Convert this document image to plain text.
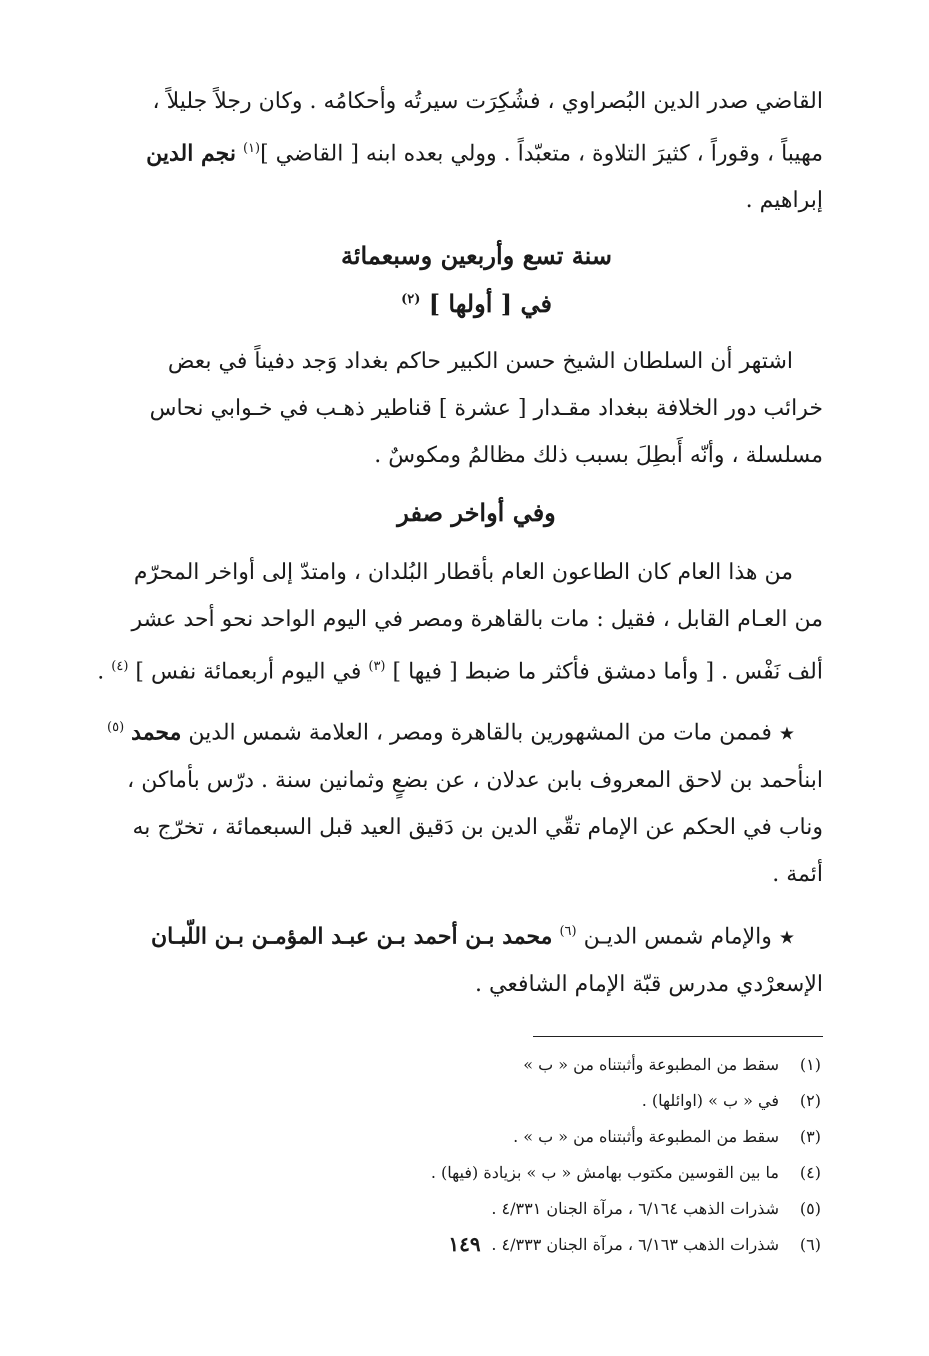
القاضي صدر الدين البُصراوي ، فشُكِرَت سيرتُه وأحكامُه . وكان رجلاً جليلاً ،
مهيباً ، وقوراً ، كثيرَ التلاوة ، متعبّداً . وولي بعده ابنه [ القاضي ]$^{(١)}$ نجم الدين
إبراهيم .

سنة تسع وأربعين وسبعمائة

في [ أولها ] $^{(٢)}$

اشتهر أن السلطان الشيخ حسن الكبير حاكم بغداد وَجد دفيناً في بعض
خرائب دور الخلافة ببغداد مقـدار [ عشرة ] قناطير ذهـب في خـوابي نحاس
مسلسلة ، وأنّه أَبطِلَ بسبب ذلك مظالمُ ومكوسٌ .

وفي أواخر صفر

من هذا العام كان الطاعون العام بأقطار البُلدان ، وامتدّ إلى أواخر المحرّم
من العـام القابل ، فقيل : مات بالقاهرة ومصر في اليوم الواحد نحو أحد عشر
ألف نَفْس . [ وأما دمشق فأكثر ما ضبط [ فيها ] $^{(٣)}$ في اليوم أربعمائة نفس ] $^{(٤)}$ .

★ فممن مات من المشهورين بالقاهرة ومصر ، العلامة شمس الدين محمد $^{(٥)}$
ابنأحمد بن لاحق المعروف بابن عدلان ، عن بضعٍ وثمانين سنة . درّس بأماكن ،
وناب في الحكم عن الإمام تقّي الدين بن دَقيق العيد قبل السبعمائة ، تخرّج به
أئمة .

★ والإمام شمس الديـن $^{(٦)}$ محمد بـن أحمد بـن عبـد المؤمـن بـن اللّبـان
الإسعرْدي مدرس قبّة الإمام الشافعي .

(١)سقط من المطبوعة وأثبتناه من « ب »

(٢)في « ب » (اوائلها) .

(٣)سقط من المطبوعة وأثبتناه من « ب » .

(٤)ما بين القوسين مكتوب بهامش « ب » بزيادة (فيها) .

(٥)شذرات الذهب ٦/١٦٤ ، مرآة الجنان ٤/٣٣١ .

(٦)شذرات الذهب ٦/١٦٣ ، مرآة الجنان ٤/٣٣٣ .

١٤٩
